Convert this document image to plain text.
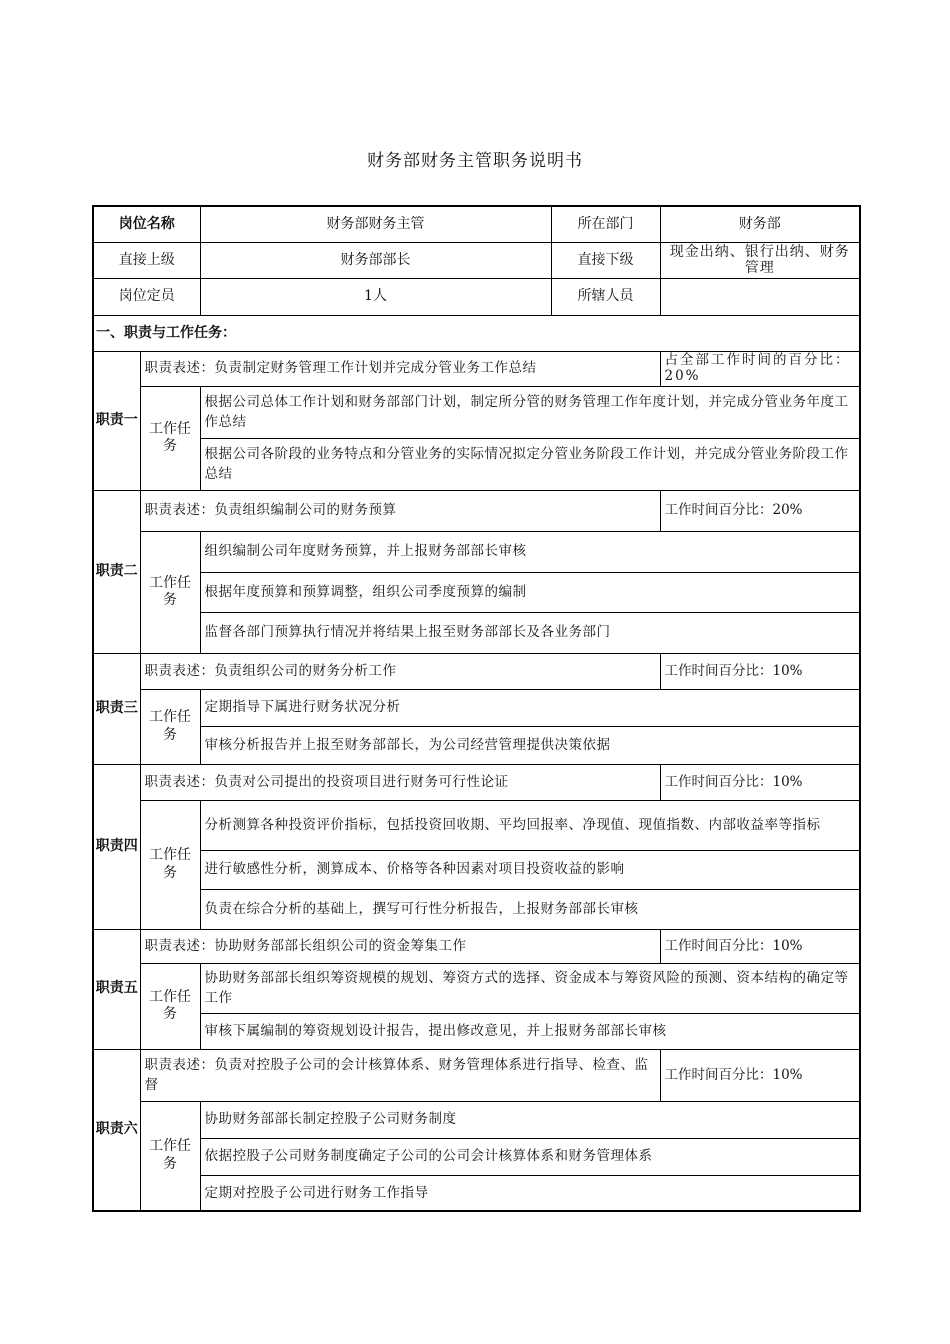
财务部财务主管职务说明书
岗位名称		财务部财务主管	所在部门	财务部
直接上级		财务部部长	直接下级	现金出纳、银行出纳、财务管理
岗位定员		1人	所辖人员	
一、职责与工作任务：				
职责一	职责表述：负责制定财务管理工作计划并完成分管业务工作总结			占全部工作时间的百分比：20%
	工作任务	根据公司总体工作计划和财务部部门计划，制定所分管的财务管理工作年度计划，并完成分管业务年度工作总结		
		根据公司各阶段的业务特点和分管业务的实际情况拟定分管业务阶段工作计划，并完成分管业务阶段工作总结		
职责二	职责表述：负责组织编制公司的财务预算			工作时间百分比：20%
	工作任务	组织编制公司年度财务预算，并上报财务部部长审核		
		根据年度预算和预算调整，组织公司季度预算的编制		
		监督各部门预算执行情况并将结果上报至财务部部长及各业务部门		
职责三	职责表述：负责组织公司的财务分析工作			工作时间百分比：10%
	工作任务	定期指导下属进行财务状况分析		
		审核分析报告并上报至财务部部长，为公司经营管理提供决策依据		
职责四	职责表述：负责对公司提出的投资项目进行财务可行性论证			工作时间百分比：10%
	工作任务	分析测算各种投资评价指标，包括投资回收期、平均回报率、净现值、现值指数、内部收益率等指标		
		进行敏感性分析，测算成本、价格等各种因素对项目投资收益的影响		
		负责在综合分析的基础上，撰写可行性分析报告，上报财务部部长审核		
职责五	职责表述：协助财务部部长组织公司的资金筹集工作			工作时间百分比：10%
	工作任务	协助财务部部长组织筹资规模的规划、筹资方式的选择、资金成本与筹资风险的预测、资本结构的确定等工作		
		审核下属编制的筹资规划设计报告，提出修改意见，并上报财务部部长审核		
职责六	职责表述：负责对控股子公司的会计核算体系、财务管理体系进行指导、检查、监督			工作时间百分比：10%
	工作任务	协助财务部部长制定控股子公司财务制度		
		依据控股子公司财务制度确定子公司的公司会计核算体系和财务管理体系		
		定期对控股子公司进行财务工作指导		
